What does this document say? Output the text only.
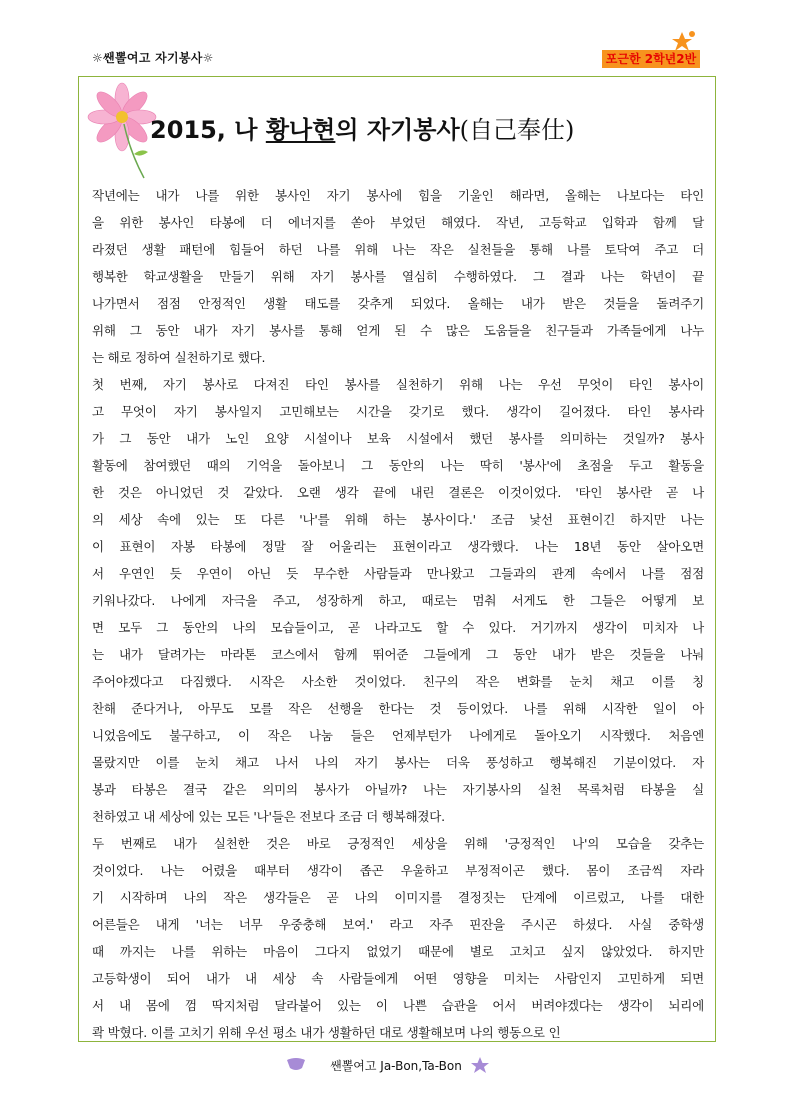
☼쌘뽈여고 자기봉사☼	포근한 2학년2반
2015, 나 황나현의 자기봉사(自己奉仕)
작년에는 내가 나를 위한 봉사인 자기 봉사에 힘을 기울인 해라면, 올해는 나보다는 타인
을 위한 봉사인 타봉에 더 에너지를 쏟아 부었던 해였다. 작년, 고등학교 입학과 함께 달
라졌던 생활 패턴에 힘들어 하던 나를 위해 나는 작은 실천들을 통해 나를 토닥여 주고 더
행복한 학교생활을 만들기 위해 자기 봉사를 열심히 수행하였다. 그 결과 나는 학년이 끝
나가면서 점점 안정적인 생활 태도를 갖추게 되었다. 올해는 내가 받은 것들을 돌려주기
위해 그 동안 내가 자기 봉사를 통해 얻게 된 수 많은 도움들을 친구들과 가족들에게 나누
는 해로 정하여 실천하기로 했다.
첫 번째, 자기 봉사로 다져진 타인 봉사를 실천하기 위해 나는 우선 무엇이 타인 봉사이
고 무엇이 자기 봉사일지 고민해보는 시간을 갖기로 했다. 생각이 길어졌다. 타인 봉사라
가 그 동안 내가 노인 요양 시설이나 보육 시설에서 했던 봉사를 의미하는 것일까? 봉사
활동에 참여했던 때의 기억을 돌아보니 그 동안의 나는 딱히 '봉사'에 초점을 두고 활동을
한 것은 아니었던 것 같았다. 오랜 생각 끝에 내린 결론은 이것이었다. '타인 봉사란 곧 나
의 세상 속에 있는 또 다른 '나'를 위해 하는 봉사이다.' 조금 낯선 표현이긴 하지만 나는
이 표현이 자봉 타봉에 정말 잘 어울리는 표현이라고 생각했다. 나는 18년 동안 살아오면
서 우연인 듯 우연이 아닌 듯 무수한 사람들과 만나왔고 그들과의 관계 속에서 나를 점점
키워나갔다. 나에게 자극을 주고, 성장하게 하고, 때로는 멈춰 서게도 한 그들은 어떻게 보
면 모두 그 동안의 나의 모습들이고, 곧 나라고도 할 수 있다. 거기까지 생각이 미치자 나
는 내가 달려가는 마라톤 코스에서 함께 뛰어준 그들에게 그 동안 내가 받은 것들을 나눠
주어야겠다고 다짐했다. 시작은 사소한 것이었다. 친구의 작은 변화를 눈치 채고 이를 칭
찬해 준다거나, 아무도 모를 작은 선행을 한다는 것 등이었다. 나를 위해 시작한 일이 아
니었음에도 불구하고, 이 작은 나눔 들은 언제부턴가 나에게로 돌아오기 시작했다. 처음엔
몰랐지만 이를 눈치 채고 나서 나의 자기 봉사는 더욱 풍성하고 행복해진 기분이었다. 자
봉과 타봉은 결국 같은 의미의 봉사가 아닐까? 나는 자기봉사의 실천 목록처럼 타봉을 실
천하였고 내 세상에 있는 모든 '나'들은 전보다 조금 더 행복해졌다.
두 번째로 내가 실천한 것은 바로 긍정적인 세상을 위해 '긍정적인 나'의 모습을 갖추는
것이었다. 나는 어렸을 때부터 생각이 좁곤 우울하고 부정적이곤 했다. 몸이 조금씩 자라
기 시작하며 나의 작은 생각들은 곧 나의 이미지를 결정짓는 단계에 이르렀고, 나를 대한
어른들은 내게 '너는 너무 우중충해 보여.' 라고 자주 핀잔을 주시곤 하셨다. 사실 중학생
때 까지는 나를 위하는 마음이 그다지 없었기 때문에 별로 고치고 싶지 않았었다. 하지만
고등학생이 되어 내가 내 세상 속 사람들에게 어떤 영향을 미치는 사람인지 고민하게 되면
서 내 몸에 껌 딱지처럼 달라붙어 있는 이 나쁜 습관을 어서 버려야겠다는 생각이 뇌리에
콱 박혔다. 이를 고치기 위해 우선 평소 내가 생활하던 대로 생활해보며 나의 행동으로 인
쌘뽈여고 Ja-Bon,Ta-Bon
